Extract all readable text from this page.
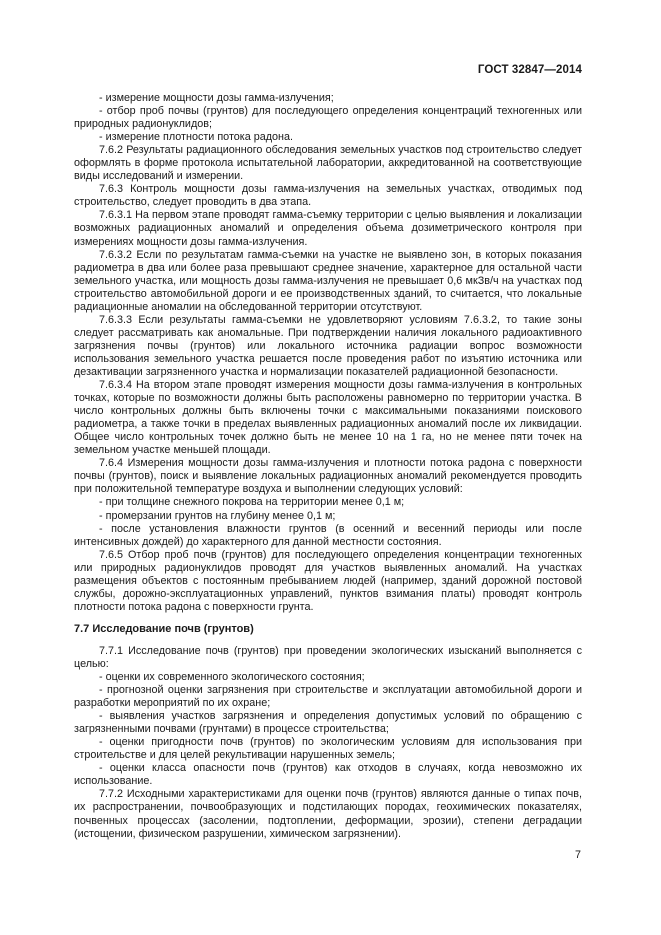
ГОСТ 32847—2014

- измерение мощности дозы гамма-излучения;

- отбор проб почвы (грунтов) для последующего определения концентраций техногенных или природных радионуклидов;

- измерение плотности потока радона.

7.6.2 Результаты радиационного обследования земельных участков под строительство следует оформлять в форме протокола испытательной лаборатории, аккредитованной на соответствующие виды исследований и измерении.

7.6.3 Контроль мощности дозы гамма-излучения на земельных участках, отводимых под строительство, следует проводить в два этапа.

7.6.3.1 На первом этапе проводят гамма-съемку территории с целью выявления и локализации возможных радиационных аномалий и определения объема дозиметрического контроля при измерениях мощности дозы гамма-излучения.

7.6.3.2 Если по результатам гамма-съемки на участке не выявлено зон, в которых показания радиометра в два или более раза превышают среднее значение, характерное для остальной части земельного участка, или мощность дозы гамма-излучения не превышает 0,6 мкЗв/ч на участках под строительство автомобильной дороги и ее производственных зданий, то считается, что локальные радиационные аномалии на обследованной территории отсутствуют.

7.6.3.3 Если результаты гамма-съемки не удовлетворяют условиям 7.6.3.2, то такие зоны следует рассматривать как аномальные. При подтверждении наличия локального радиоактивного загрязнения почвы (грунтов) или локального источника радиации вопрос возможности использования земельного участка решается после проведения работ по изъятию источника или дезактивации загрязненного участка и нормализации показателей радиационной безопасности.

7.6.3.4 На втором этапе проводят измерения мощности дозы гамма-излучения в контрольных точках, которые по возможности должны быть расположены равномерно по территории участка. В число контрольных должны быть включены точки с максимальными показаниями поискового радиометра, а также точки в пределах выявленных радиационных аномалий после их ликвидации. Общее число контрольных точек должно быть не менее 10 на 1 га, но не менее пяти точек на земельном участке меньшей площади.

7.6.4 Измерения мощности дозы гамма-излучения и плотности потока радона с поверхности почвы (грунтов), поиск и выявление локальных радиационных аномалий рекомендуется проводить при положительной температуре воздуха и выполнении следующих условий:

- при толщине снежного покрова на территории менее 0,1 м;

- промерзании грунтов на глубину менее 0,1 м;

- после установления влажности грунтов (в осенний и весенний периоды или после интенсивных дождей) до характерного для данной местности состояния.

7.6.5 Отбор проб почв (грунтов) для последующего определения концентрации техногенных или природных радионуклидов проводят для участков выявленных аномалий. На участках размещения объектов с постоянным пребыванием людей (например, зданий дорожной постовой службы, дорожно-эксплуатационных управлений, пунктов взимания платы) проводят контроль плотности потока радона с поверхности грунта.

7.7 Исследование почв (грунтов)

7.7.1 Исследование почв (грунтов) при проведении экологических изысканий выполняется с целью:

- оценки их современного экологического состояния;

- прогнозной оценки загрязнения при строительстве и эксплуатации автомобильной дороги и разработки мероприятий по их охране;

- выявления участков загрязнения и определения допустимых условий по обращению с загрязненными почвами (грунтами) в процессе строительства;

- оценки пригодности почв (грунтов) по экологическим условиям для использования при строительстве и для целей рекультивации нарушенных земель;

- оценки класса опасности почв (грунтов) как отходов в случаях, когда невозможно их использование.

7.7.2 Исходными характеристиками для оценки почв (грунтов) являются данные о типах почв, их распространении, почвообразующих и подстилающих породах, геохимических показателях, почвенных процессах (засолении, подтоплении, деформации, эрозии), степени деградации (истощении, физическом разрушении, химическом загрязнении).

7
